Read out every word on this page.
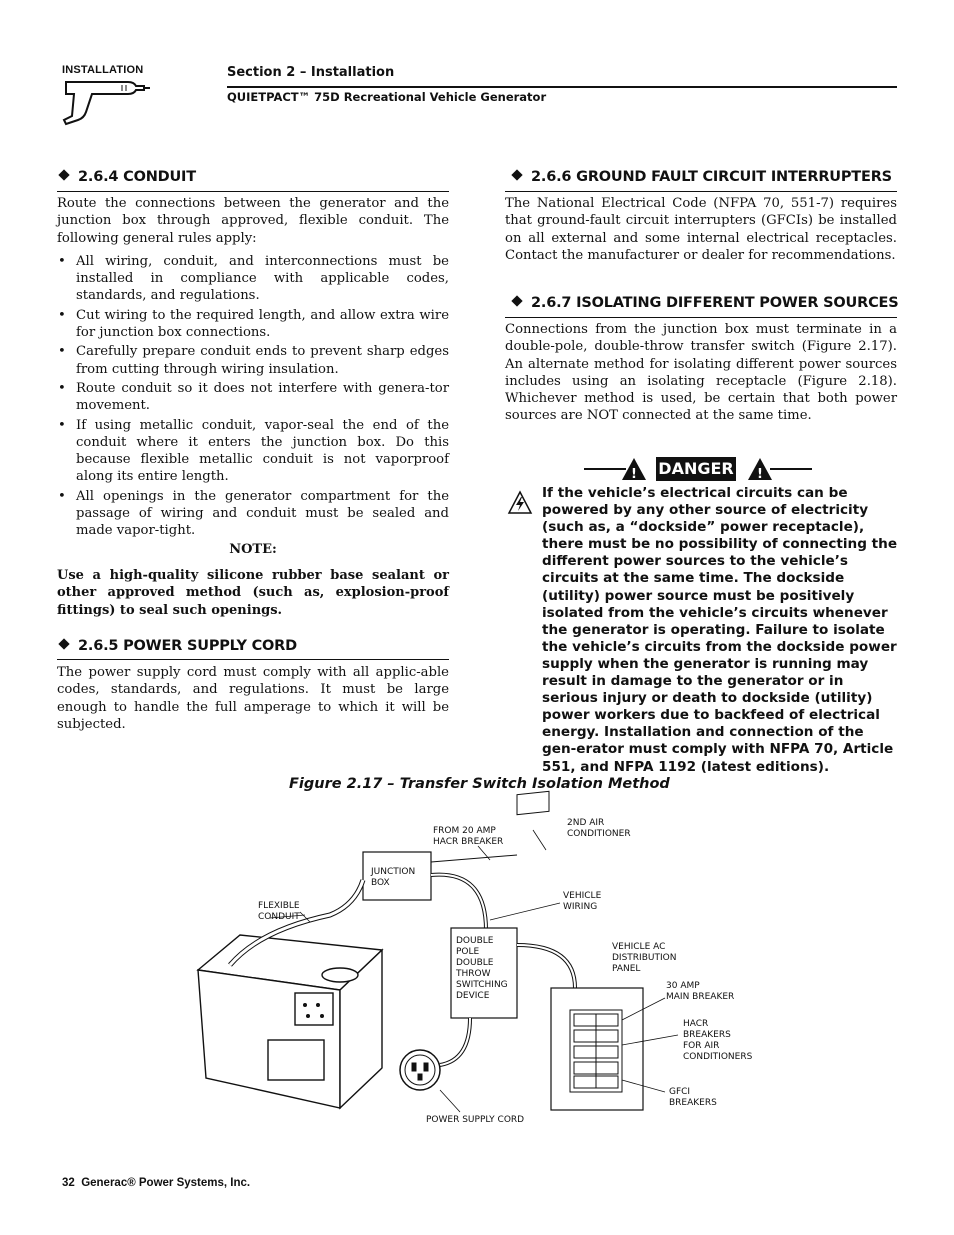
INSTALLATION	Section 2 – Installation
QUIETPACT™ 75D Recreational Vehicle Generator
2.6.4 CONDUIT
Route the connections between the generator and the junction box through approved, flexible conduit. The following general rules apply:
• All wiring, conduit, and interconnections must be installed in compliance with applicable codes, standards, and regulations.
• Cut wiring to the required length, and allow extra wire for junction box connections.
• Carefully prepare conduit ends to prevent sharp edges from cutting through wiring insulation.
• Route conduit so it does not interfere with genera-tor movement.
• If using metallic conduit, vapor-seal the end of the conduit where it enters the junction box. Do this because flexible metallic conduit is not vaporproof along its entire length.
• All openings in the generator compartment for the passage of wiring and conduit must be sealed and made vapor-tight.
NOTE:
Use a high-quality silicone rubber base sealant or other approved method (such as, explosion-proof fittings) to seal such openings.
2.6.5 POWER SUPPLY CORD
The power supply cord must comply with all applic-able codes, standards, and regulations. It must be large enough to handle the full amperage to which it will be subjected.
2.6.6 GROUND FAULT CIRCUIT INTERRUPTERS
The National Electrical Code (NFPA 70, 551-7) requires that ground-fault circuit interrupters (GFCIs) be installed on all external and some internal electrical receptacles. Contact the manufacturer or dealer for recommendations.
2.6.7 ISOLATING DIFFERENT POWER SOURCES
Connections from the junction box must terminate in a double-pole, double-throw transfer switch (Figure 2.17). An alternate method for isolating different power sources includes using an isolating receptacle (Figure 2.18). Whichever method is used, be certain that both power sources are NOT connected at the same time.
!	!
DANGER
If the vehicle’s electrical circuits can be powered by any other source of electricity (such as, a “dockside” power receptacle), there must be no possibility of connecting the different power sources to the vehicle’s circuits at the same time. The dockside (utility) power source must be positively isolated from the vehicle’s circuits whenever the generator is operating. Failure to isolate the vehicle’s circuits from the dockside power supply when the generator is running may result in damage to the generator or in serious injury or death to dockside (utility) power workers due to backfeed of electrical energy. Installation and connection of the gen-erator must comply with NFPA 70, Article 551, and NFPA 1192 (latest editions).
Figure 2.17 – Transfer Switch Isolation Method
FROM 20 AMP
HACR BREAKER
2ND AIR
CONDITIONER
JUNCTION
BOX
FLEXIBLE
CONDUIT
VEHICLE
WIRING
DOUBLE
POLE
DOUBLE
THROW
SWITCHING
DEVICE
VEHICLE AC
DISTRIBUTION
PANEL
30 AMP
MAIN BREAKER
HACR
BREAKERS
FOR AIR
CONDITIONERS
GFCI
BREAKERS
POWER SUPPLY CORD
32 Generac® Power Systems, Inc.
